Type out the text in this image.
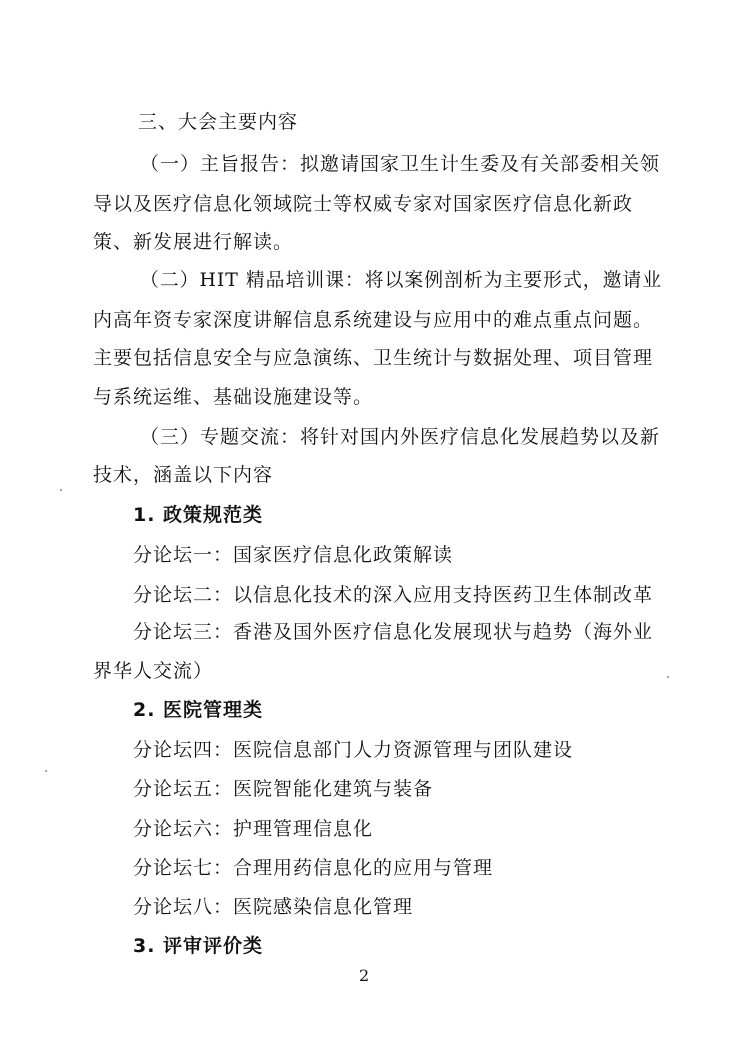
三、大会主要内容
（一）主旨报告：拟邀请国家卫生计生委及有关部委相关领
导以及医疗信息化领域院士等权威专家对国家医疗信息化新政
策、新发展进行解读。
（二）HIT 精品培训课：将以案例剖析为主要形式，邀请业
内高年资专家深度讲解信息系统建设与应用中的难点重点问题。
主要包括信息安全与应急演练、卫生统计与数据处理、项目管理
与系统运维、基础设施建设等。
（三）专题交流：将针对国内外医疗信息化发展趋势以及新
技术，涵盖以下内容
1. 政策规范类
分论坛一：国家医疗信息化政策解读
分论坛二：以信息化技术的深入应用支持医药卫生体制改革
分论坛三：香港及国外医疗信息化发展现状与趋势（海外业
界华人交流）
2. 医院管理类
分论坛四：医院信息部门人力资源管理与团队建设
分论坛五：医院智能化建筑与装备
分论坛六：护理管理信息化
分论坛七：合理用药信息化的应用与管理
分论坛八：医院感染信息化管理
3. 评审评价类
2
